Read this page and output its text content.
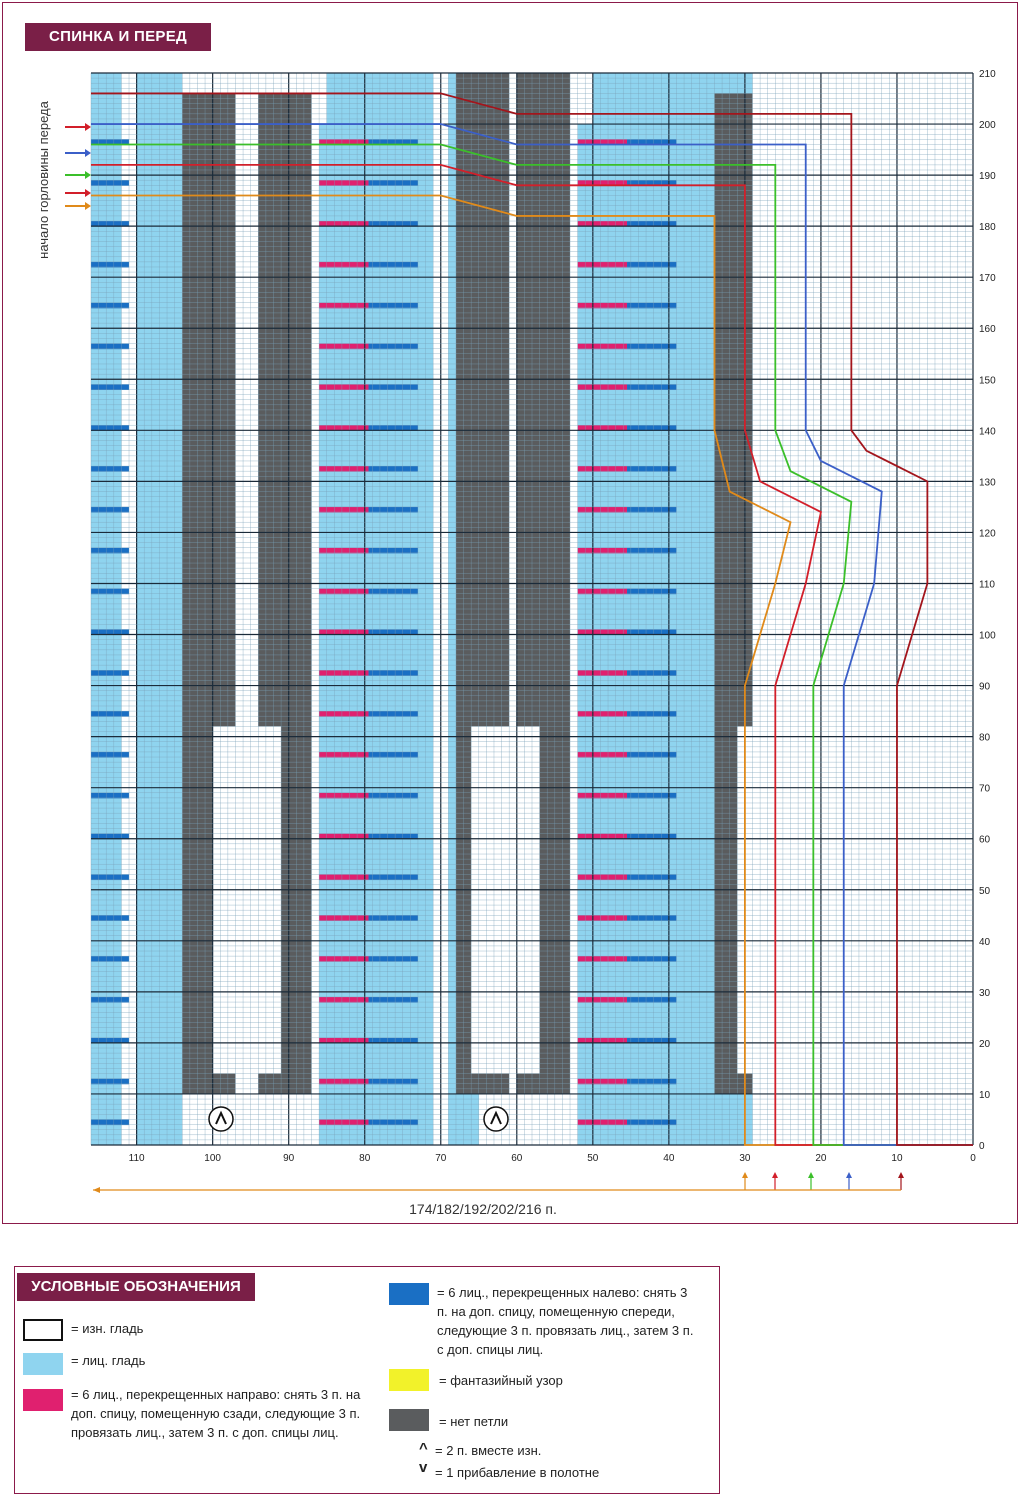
110	100	90	80	70	60	50	40	30	20	10	0
210
200
190
180
170
160
150
140
130
120
110
100
90
80
70
60
50
40
30
20
10
0
СПИНКА И ПЕРЕД
начало горловины переда
174/182/192/202/216 п.
УСЛОВНЫЕ ОБОЗНАЧЕНИЯ
= изн. гладь
= лиц. гладь
= 6 лиц., перекрещенных направо: снять 3 п. на доп. спицу, помещенную сзади, следующие 3 п. провязать лиц., затем 3 п. с доп. спицы лиц.
= 6 лиц., перекрещенных налево: снять 3 п. на доп. спицу, помещенную спереди, следующие 3 п. провязать лиц., затем 3 п. с доп. спицы лиц.
= фантазийный узор
= нет петли
^ = 2 п. вместе изн.
v = 1 прибавление в полотне
